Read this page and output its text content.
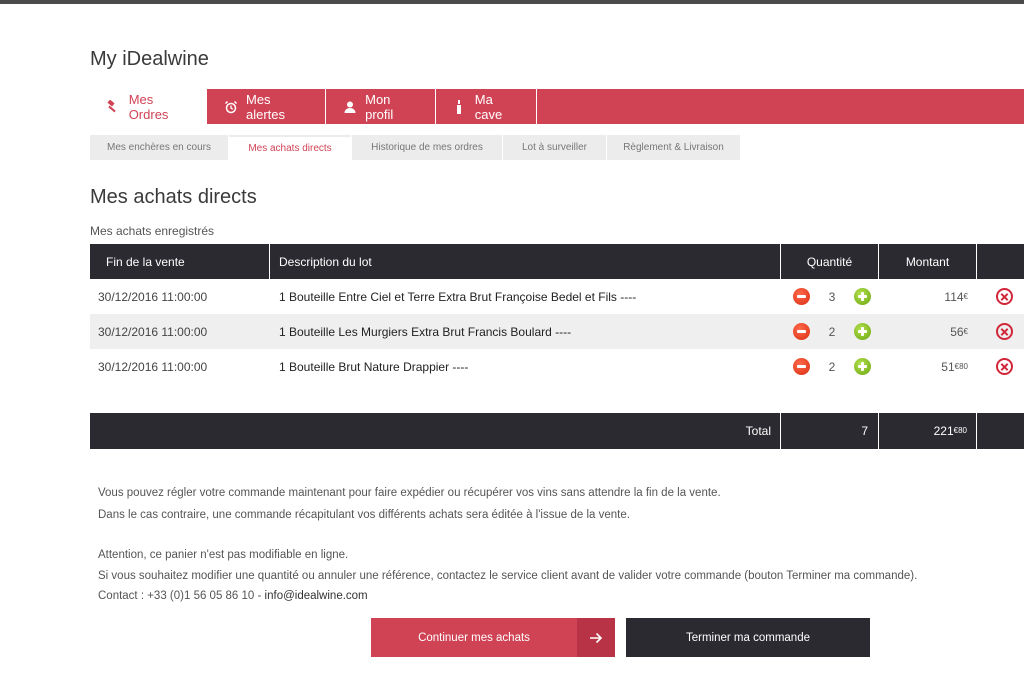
My iDealwine
Mes Ordres
Mes alertes
Mon profil
Ma cave
Mes enchères en cours	Mes achats directs	Historique de mes ordres	Lot à surveiller	Règlement & Livraison
Mes achats directs
Mes achats enregistrés
Fin de la vente	Description du lot	Quantité	Montant
30/12/2016 11:00:00	1 Bouteille Entre Ciel et Terre Extra Brut Françoise Bedel et Fils ----	3	114 €
30/12/2016 11:00:00	1 Bouteille Les Murgiers Extra Brut Francis Boulard ----	2	56 €
30/12/2016 11:00:00	1 Bouteille Brut Nature Drappier ----	2	51 €80
Total	7	221 €80

Vous pouvez régler votre commande maintenant pour faire expédier ou récupérer vos vins sans attendre la fin de la vente.

Dans le cas contraire, une commande récapitulant vos différents achats sera éditée à l'issue de la vente.

Attention, ce panier n'est pas modifiable en ligne.

Si vous souhaitez modifier une quantité ou annuler une référence, contactez le service client avant de valider votre commande (bouton Terminer ma commande).

Contact : +33 (0)1 56 05 86 10 - info@idealwine.com

Continuer mes achats	Terminer ma commande
